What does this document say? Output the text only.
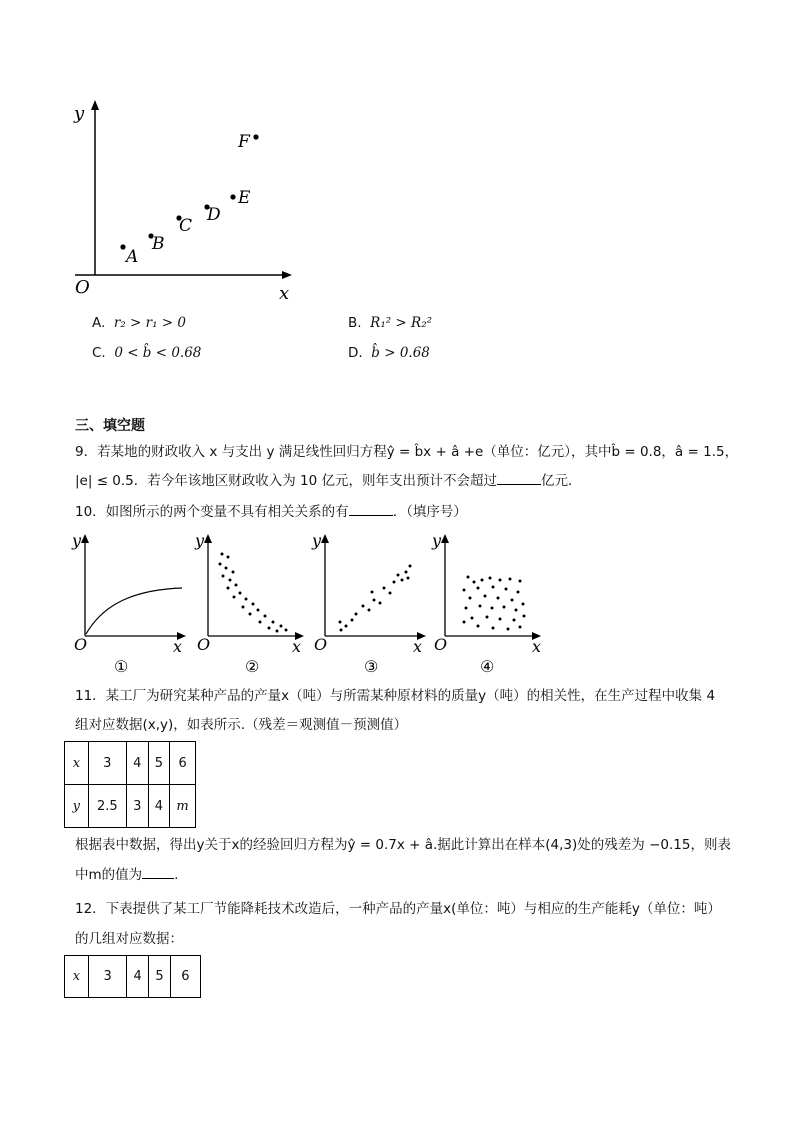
y
O	x
A
B
C
D
E
F
A. r₂ > r₁ > 0	B. R₁² > R₂²
C. 0 < b̂ < 0.68	D. b̂ > 0.68
三、填空题
9．若某地的财政收入 x 与支出 y 满足线性回归方程ŷ = b̂x + â +e（单位：亿元），其中b̂ = 0.8，â = 1.5，
|e| ≤ 0.5．若今年该地区财政收入为 10 亿元，则年支出预计不会超过	亿元．
10．如图所示的两个变量不具有相关关系的有	．（填序号）
y
O	x
①
y
O	x
②
y
O	x
③
y
O	x
④
11．某工厂为研究某种产品的产量x（吨）与所需某种原材料的质量y（吨）的相关性，在生产过程中收集 4
组对应数据(x,y)，如表所示.（残差＝观测值－预测值）
x	3	4	5	6
y	2.5	3	4	m
根据表中数据，得出y关于x的经验回归方程为ŷ = 0.7x + â.据此计算出在样本(4,3)处的残差为 −0.15，则表
中m的值为 .
12．下表提供了某工厂节能降耗技术改造后，一种产品的产量x(单位：吨）与相应的生产能耗y（单位：吨）
的几组对应数据：
x	3	4	5	6
